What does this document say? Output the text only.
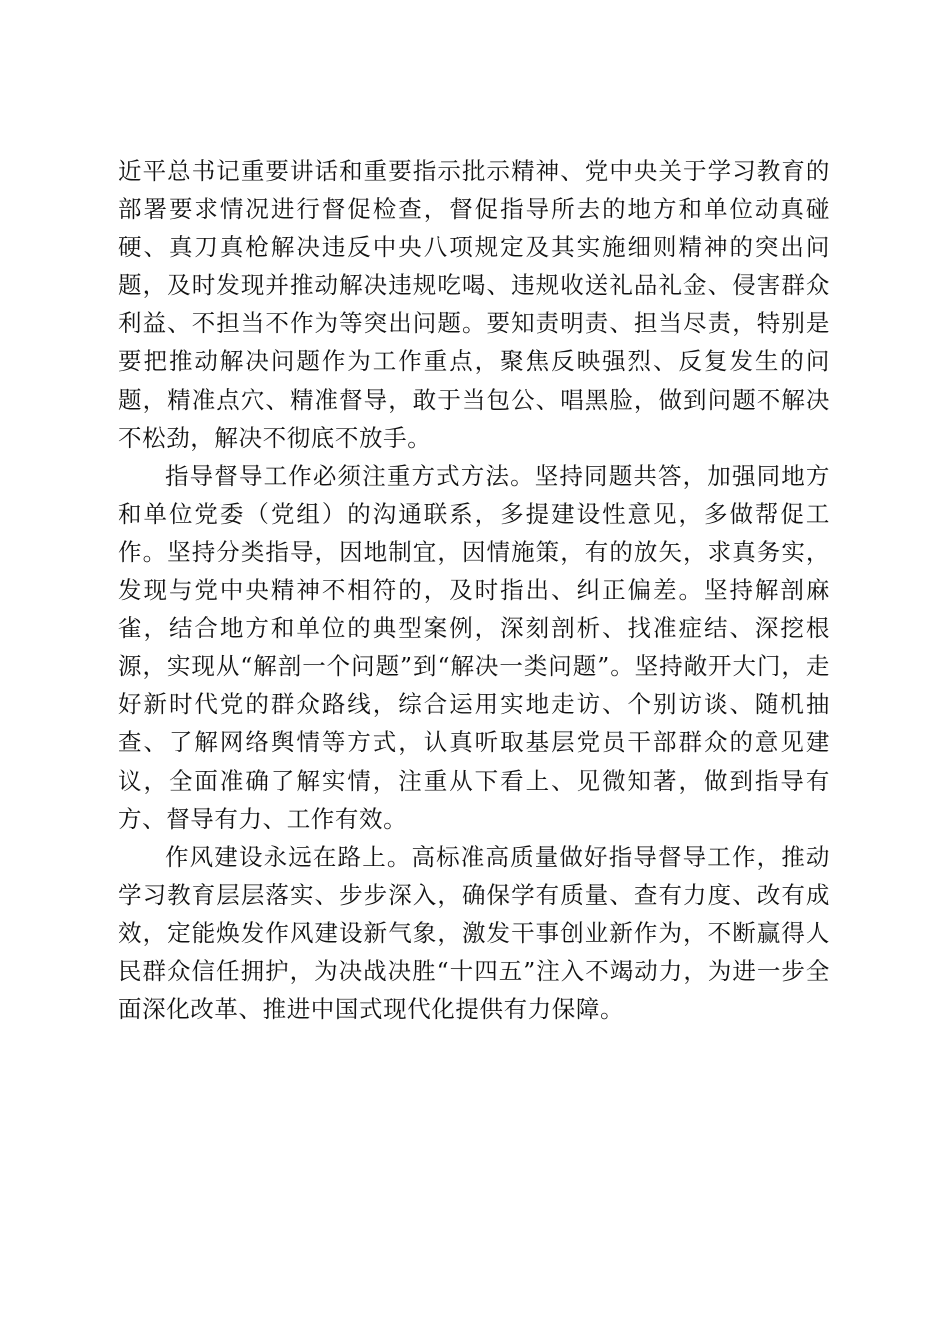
近平总书记重要讲话和重要指示批示精神、党中央关于学习教育的部署要求情况进行督促检查，督促指导所去的地方和单位动真碰硬、真刀真枪解决违反中央八项规定及其实施细则精神的突出问题，及时发现并推动解决违规吃喝、违规收送礼品礼金、侵害群众利益、不担当不作为等突出问题。要知责明责、担当尽责，特别是要把推动解决问题作为工作重点，聚焦反映强烈、反复发生的问题，精准点穴、精准督导，敢于当包公、唱黑脸，做到问题不解决不松劲，解决不彻底不放手。

指导督导工作必须注重方式方法。坚持同题共答，加强同地方和单位党委（党组）的沟通联系，多提建设性意见，多做帮促工作。坚持分类指导，因地制宜，因情施策，有的放矢，求真务实，发现与党中央精神不相符的，及时指出、纠正偏差。坚持解剖麻雀，结合地方和单位的典型案例，深刻剖析、找准症结、深挖根源，实现从“解剖一个问题”到“解决一类问题”。坚持敞开大门，走好新时代党的群众路线，综合运用实地走访、个别访谈、随机抽查、了解网络舆情等方式，认真听取基层党员干部群众的意见建议，全面准确了解实情，注重从下看上、见微知著，做到指导有方、督导有力、工作有效。

作风建设永远在路上。高标准高质量做好指导督导工作，推动学习教育层层落实、步步深入，确保学有质量、查有力度、改有成效，定能焕发作风建设新气象，激发干事创业新作为，不断赢得人民群众信任拥护，为决战决胜“十四五”注入不竭动力，为进一步全面深化改革、推进中国式现代化提供有力保障。
